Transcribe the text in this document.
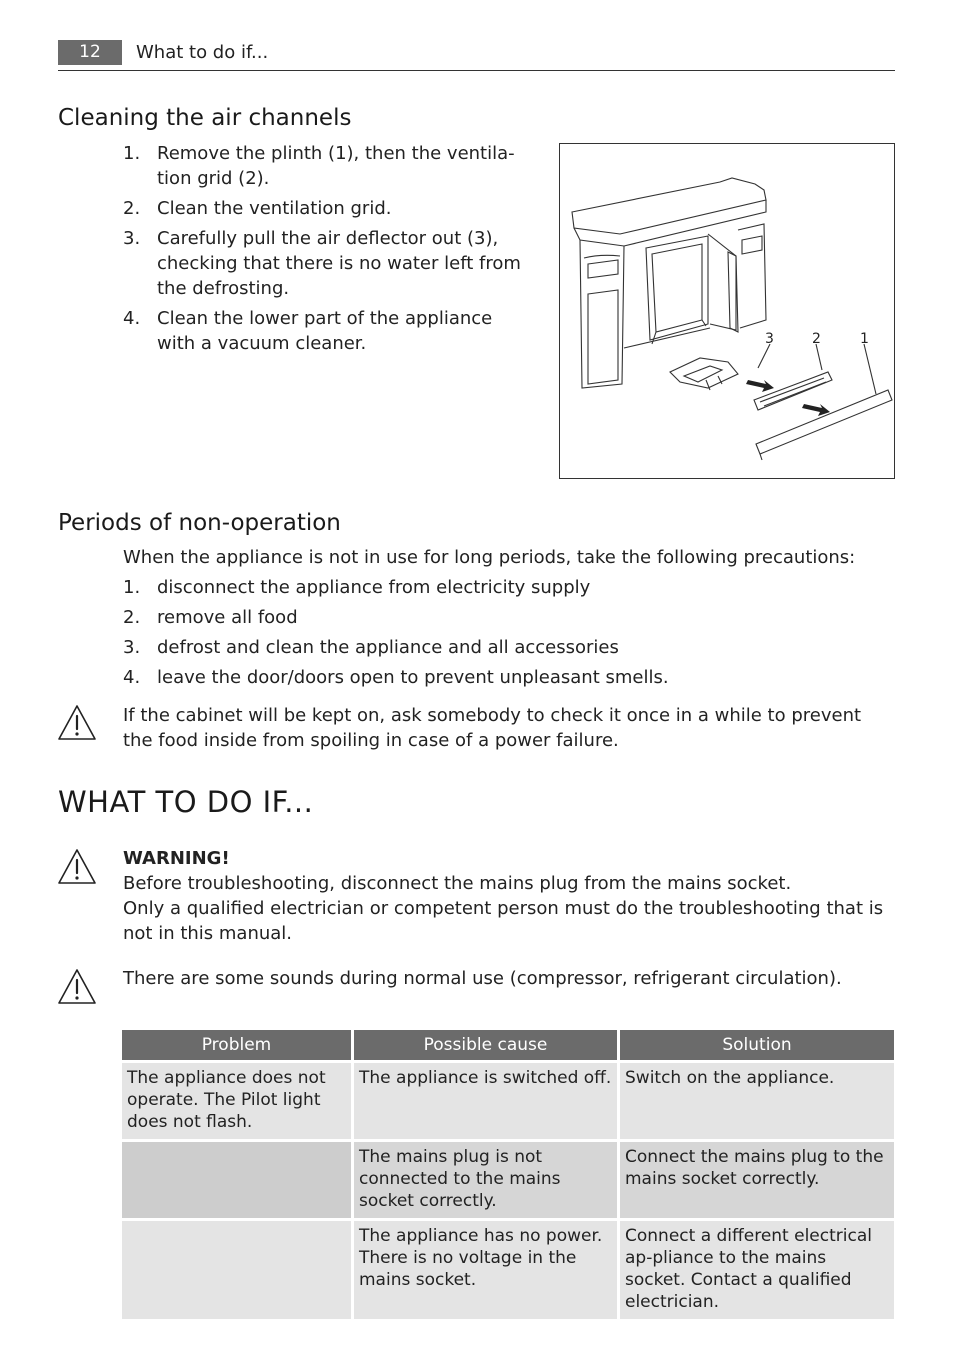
12	What to do if...
Cleaning the air channels
1. Remove the plinth (1), then the ventila-tion grid (2).
2. Clean the ventilation grid.
3. Carefully pull the air deflector out (3), checking that there is no water left from the defrosting.
4. Clean the lower part of the appliance with a vacuum cleaner.	3	2	1
Periods of non-operation
When the appliance is not in use for long periods, take the following precautions:
1. disconnect the appliance from electricity supply
2. remove all food
3. defrost and clean the appliance and all accessories
4. leave the door/doors open to prevent unpleasant smells.
If the cabinet will be kept on, ask somebody to check it once in a while to prevent the food inside from spoiling in case of a power failure.
WHAT TO DO IF...
WARNING!
Before troubleshooting, disconnect the mains plug from the mains socket.
Only a qualified electrician or competent person must do the troubleshooting that is not in this manual.
There are some sounds during normal use (compressor, refrigerant circulation).
Problem	Possible cause	Solution
The appliance does not operate. The Pilot light does not flash.	The appliance is switched off.	Switch on the appliance.
	The mains plug is not connected to the mains socket correctly.	Connect the mains plug to the mains socket correctly.
	The appliance has no power. There is no voltage in the mains socket.	Connect a different electrical ap-pliance to the mains socket. Contact a qualified electrician.
